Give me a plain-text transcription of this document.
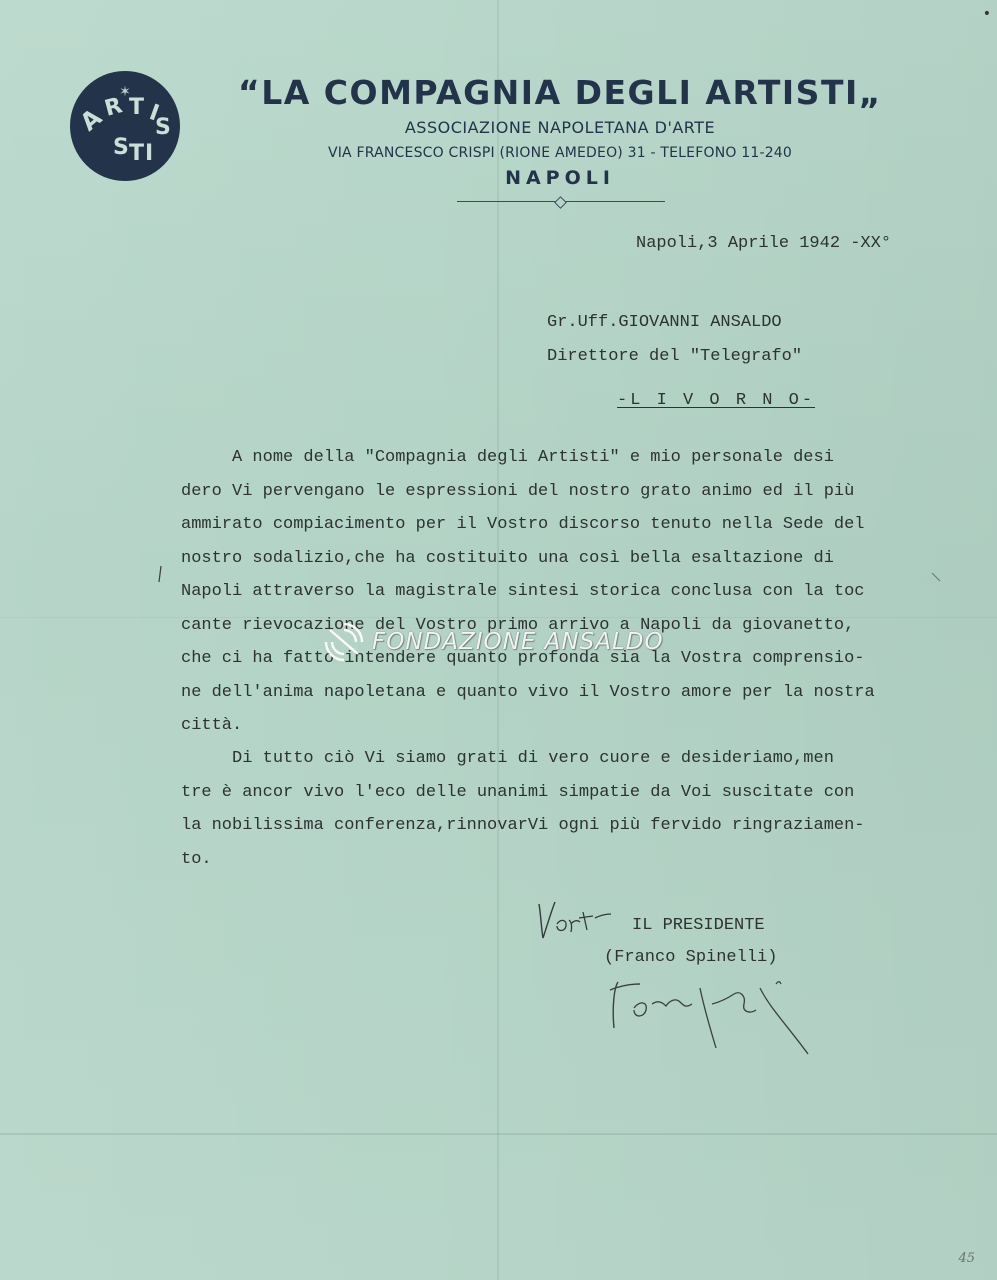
•
✶
A
R T I
S
S T I
“LA COMPAGNIA DEGLI ARTISTI„
ASSOCIAZIONE NAPOLETANA D'ARTE
VIA FRANCESCO CRISPI (RIONE AMEDEO) 31 - TELEFONO 11-240
NAPOLI
Napoli,3 Aprile 1942 -XX°
Gr.Uff.GIOVANNI ANSALDO
Direttore del "Telegrafo"
-L I V O R N O-
A nome della "Compagnia degli Artisti" e mio personale desi
dero Vi pervengano le espressioni del nostro grato animo ed il più
ammirato compiacimento per il Vostro discorso tenuto nella Sede del
nostro sodalizio,che ha costituito una così bella esaltazione di
Napoli attraverso la magistrale sintesi storica conclusa con la toc
cante rievocazione del Vostro primo arrivo a Napoli da giovanetto,
che ci ha fatto intendere quanto profonda sia la Vostra comprensio-
ne dell'anima napoletana e quanto vivo il Vostro amore per la nostra
città.
Di tutto ciò Vi siamo grati di vero cuore e desideriamo,men
tre è ancor vivo l'eco delle unanimi simpatie da Voi suscitate con
la nobilissima conferenza,rinnovarVi ogni più fervido ringraziamen-
to.
Vostri
IL PRESIDENTE
(Franco Spinelli)
FONDAZIONE ANSALDO
45
